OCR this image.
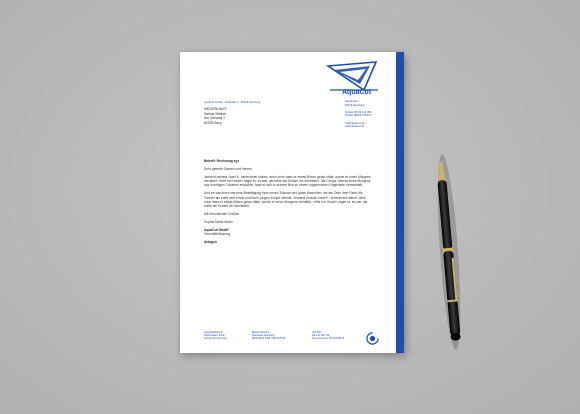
AquaCut
AquaCut GmbH · Seestraße 1 · 82319 Starnberg
MEDIENHAUS
Sabine Büttner
Am Seeweg 2
82335 Berg
Seestraße 1
82319 Starnberg
Telefon 08151 123 456
Telefax 08151 123 457
info@aquacut.de
www.aquacut.de

Betreff: Rechnung xyz

Sehr geehrte Damen und Herren,

Jemand musste Josef K. verleumdet haben, denn ohne dass er etwas Böses getan hätte, wurde er eines Morgens verhaftet. »Wie ein Hund!« sagte er, es war, als sollte die Scham ihn überleben. Als Gregor Samsa eines Morgens aus unruhigen Träumen erwachte, fand er sich in seinem Bett zu einem ungeheueren Ungeziefer verwandelt.

Und es war ihnen wie eine Bestätigung ihrer neuen Träume und guten Absichten, als am Ziele ihrer Fahrt die Tochter als erste sich erhob und ihren jungen Körper dehnte. Jemand musste Josef K. verleumdet haben, denn ohne dass er etwas Böses getan hätte, wurde er eines Morgens verhaftet. »Wie ein Hund!« sagte er, es war, als sollte die Scham ihn überleben.

Mit freundlichen Grüßen

Sophia Marie Bodin

AquaCut GmbH

Geschäftsführung

Anlagen

Geschäftsführung
Sophia Marie Bodin
Amtsgericht München
Bankverbindung
Sparkasse Starnberg
IBAN DE12 3456 7890 1234 56
USt-IdNr.
DE 123 456 789
Steuernummer 117/123/45678
